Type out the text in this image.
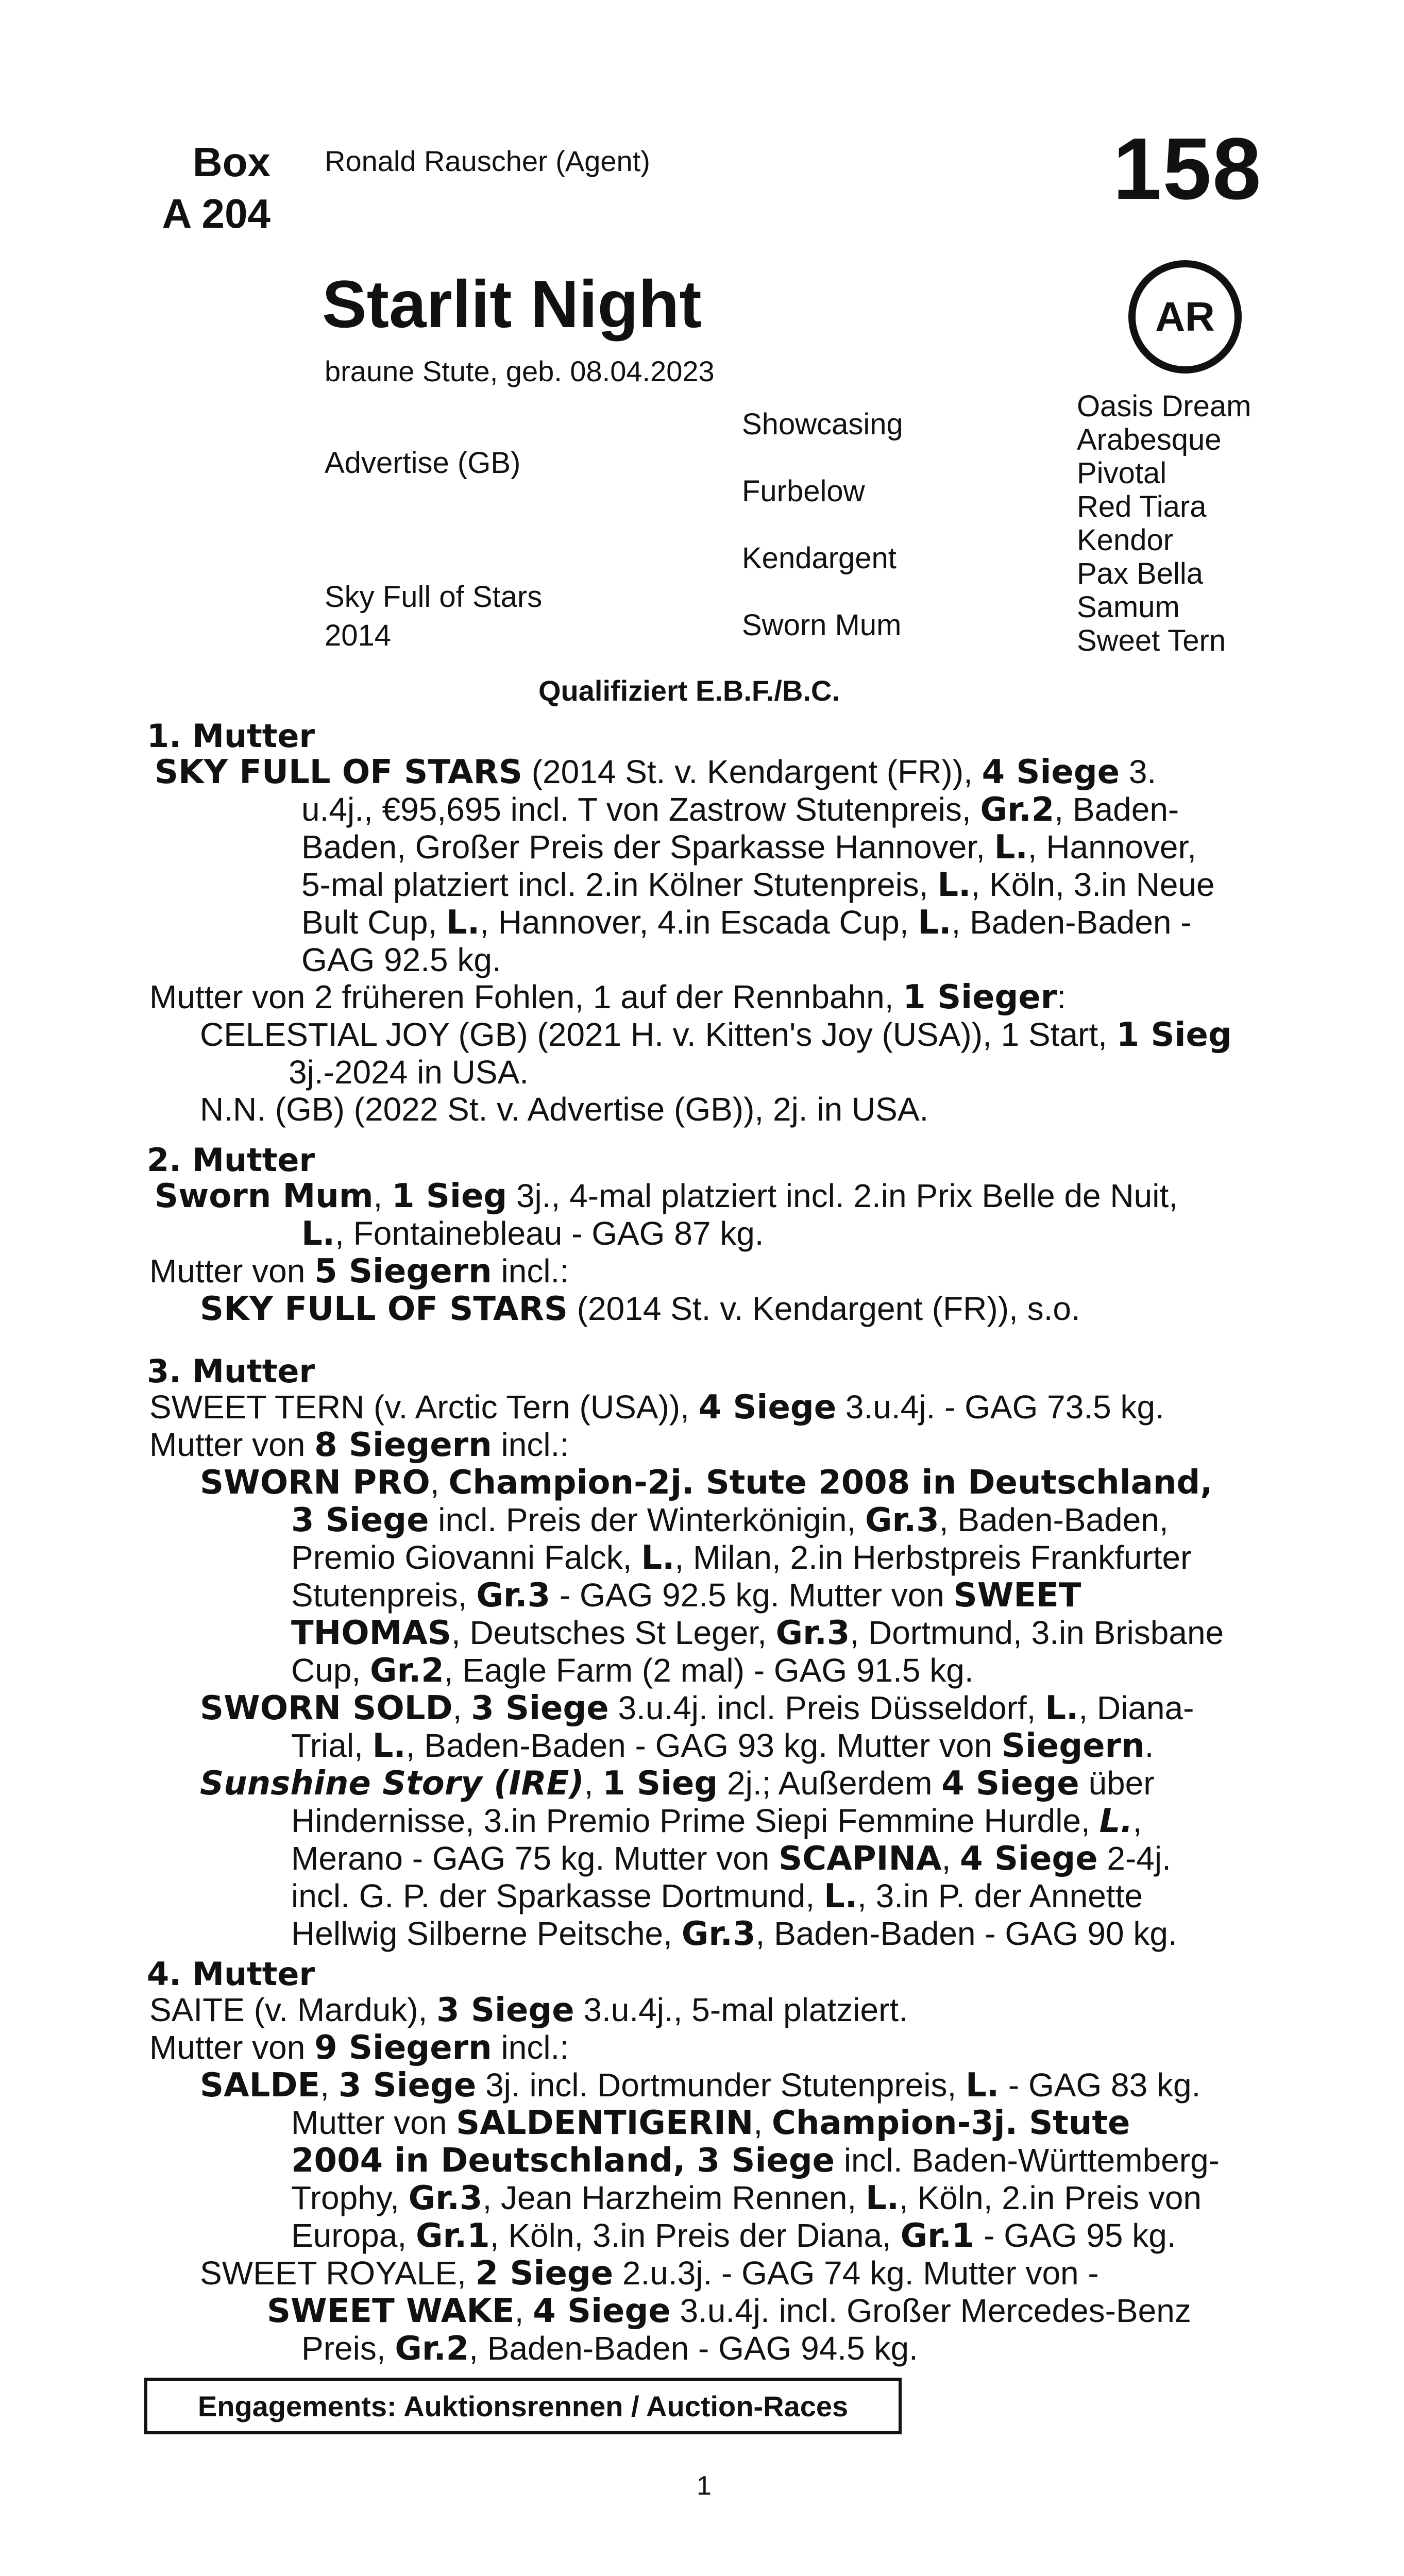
Box
A 204
Ronald Rauscher (Agent)	158
AR
Starlit Night
braune Stute, geb. 08.04.2023
Advertise (GB)
Sky Full of Stars
2014
Showcasing
Furbelow
Kendargent
Sworn Mum
Oasis Dream
Arabesque
Pivotal
Red Tiara
Kendor
Pax Bella
Samum
Sweet Tern
Qualifiziert E.B.F./B.C.
1. Mutter
SKY FULL OF STARS (2014 St. v. Kendargent (FR)), 4 Siege 3.
u.4j., €95,695 incl. T von Zastrow Stutenpreis, Gr.2, Baden-
Baden, Großer Preis der Sparkasse Hannover, L., Hannover,
5-mal platziert incl. 2.in Kölner Stutenpreis, L., Köln, 3.in Neue
Bult Cup, L., Hannover, 4.in Escada Cup, L., Baden-Baden -
GAG 92.5 kg.
Mutter von 2 früheren Fohlen, 1 auf der Rennbahn, 1 Sieger:
CELESTIAL JOY (GB) (2021 H. v. Kitten's Joy (USA)), 1 Start, 1 Sieg
3j.-2024 in USA.
N.N. (GB) (2022 St. v. Advertise (GB)), 2j. in USA.
2. Mutter
Sworn Mum, 1 Sieg 3j., 4-mal platziert incl. 2.in Prix Belle de Nuit,
L., Fontainebleau - GAG 87 kg.
Mutter von 5 Siegern incl.:
SKY FULL OF STARS (2014 St. v. Kendargent (FR)), s.o.
3. Mutter
SWEET TERN (v. Arctic Tern (USA)), 4 Siege 3.u.4j. - GAG 73.5 kg.
Mutter von 8 Siegern incl.:
SWORN PRO, Champion-2j. Stute 2008 in Deutschland,
3 Siege incl. Preis der Winterkönigin, Gr.3, Baden-Baden,
Premio Giovanni Falck, L., Milan, 2.in Herbstpreis Frankfurter
Stutenpreis, Gr.3 - GAG 92.5 kg. Mutter von SWEET
THOMAS, Deutsches St Leger, Gr.3, Dortmund, 3.in Brisbane
Cup, Gr.2, Eagle Farm (2 mal) - GAG 91.5 kg.
SWORN SOLD, 3 Siege 3.u.4j. incl. Preis Düsseldorf, L., Diana-
Trial, L., Baden-Baden - GAG 93 kg. Mutter von Siegern.
Sunshine Story (IRE), 1 Sieg 2j.; Außerdem 4 Siege über
Hindernisse, 3.in Premio Prime Siepi Femmine Hurdle, L.,
Merano - GAG 75 kg. Mutter von SCAPINA, 4 Siege 2-4j.
incl. G. P. der Sparkasse Dortmund, L., 3.in P. der Annette
Hellwig Silberne Peitsche, Gr.3, Baden-Baden - GAG 90 kg.
4. Mutter
SAITE (v. Marduk), 3 Siege 3.u.4j., 5-mal platziert.
Mutter von 9 Siegern incl.:
SALDE, 3 Siege 3j. incl. Dortmunder Stutenpreis, L. - GAG 83 kg.
Mutter von SALDENTIGERIN, Champion-3j. Stute
2004 in Deutschland, 3 Siege incl. Baden-Württemberg-
Trophy, Gr.3, Jean Harzheim Rennen, L., Köln, 2.in Preis von
Europa, Gr.1, Köln, 3.in Preis der Diana, Gr.1 - GAG 95 kg.
SWEET ROYALE, 2 Siege 2.u.3j. - GAG 74 kg. Mutter von -
SWEET WAKE, 4 Siege 3.u.4j. incl. Großer Mercedes-Benz
Preis, Gr.2, Baden-Baden - GAG 94.5 kg.
Engagements: Auktionsrennen / Auction-Races
1
